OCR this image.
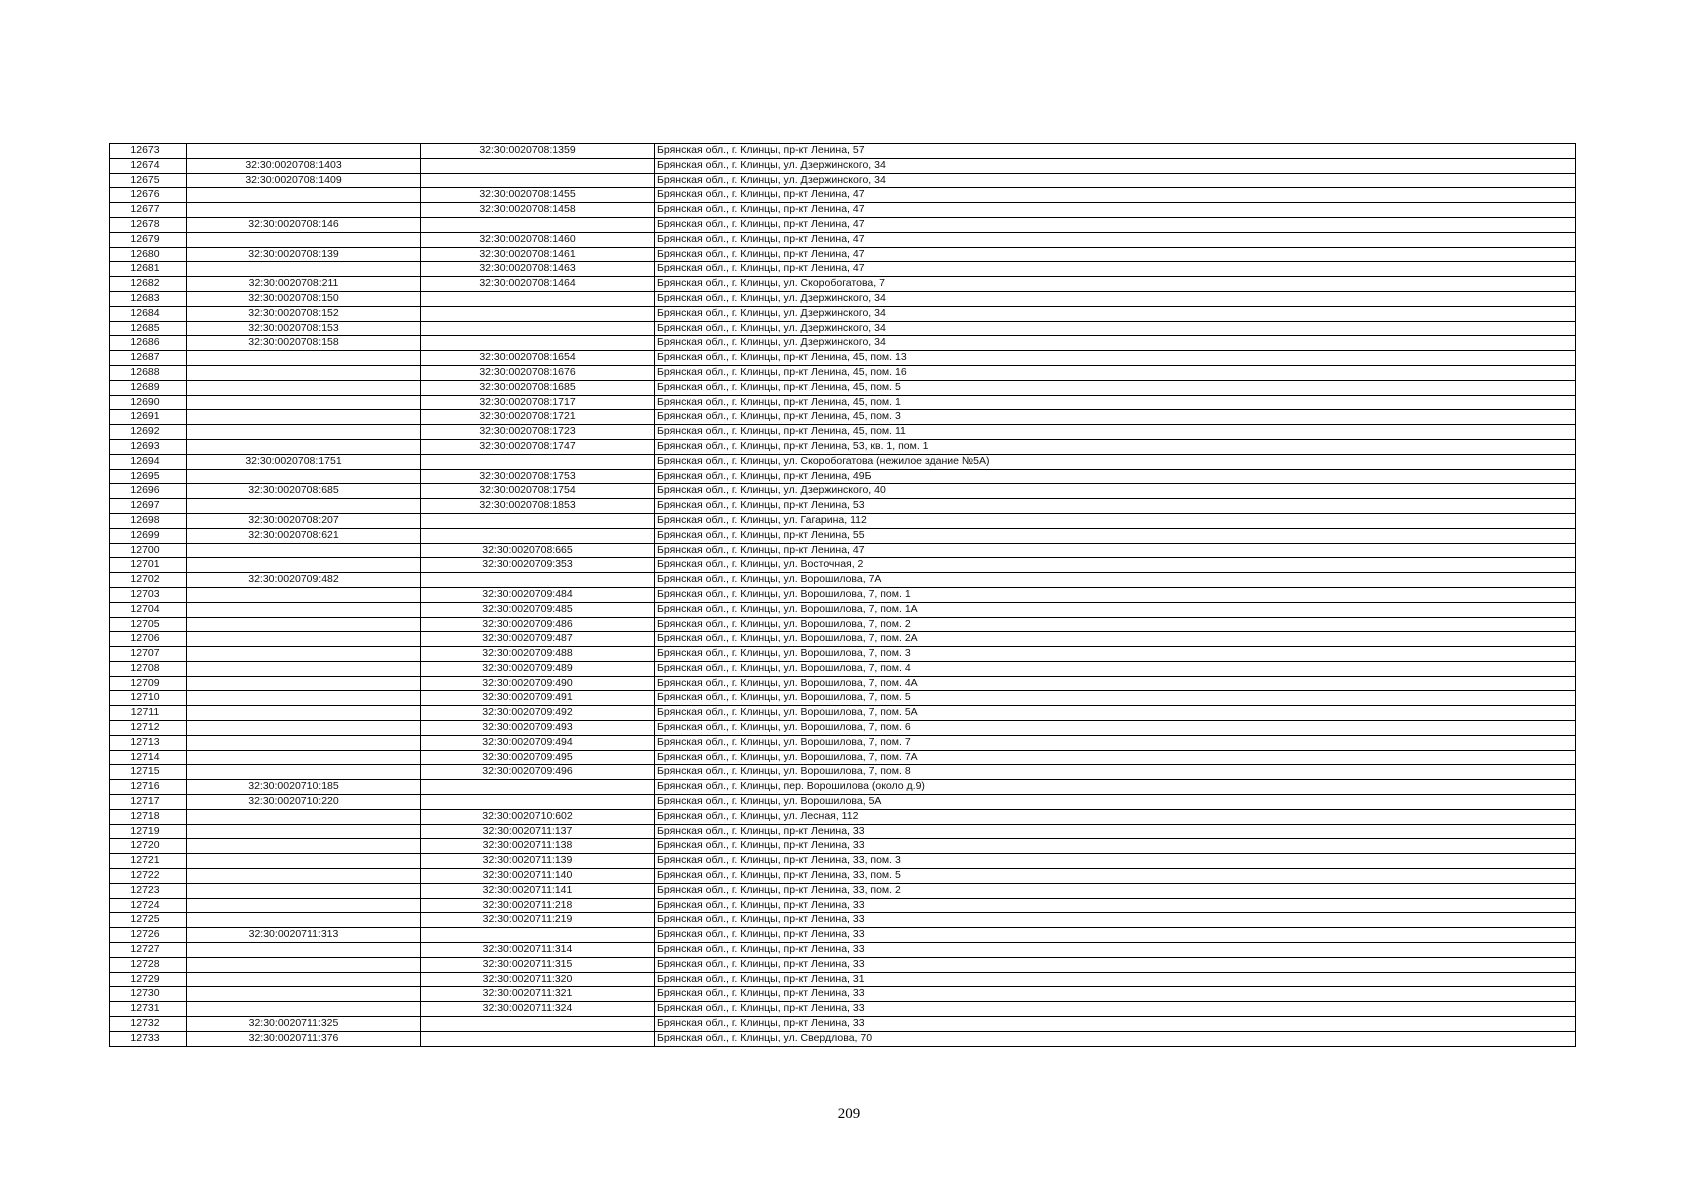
12673		32:30:0020708:1359	Брянская обл., г. Клинцы, пр-кт Ленина, 57
12674	32:30:0020708:1403		Брянская обл., г. Клинцы, ул. Дзержинского, 34
12675	32:30:0020708:1409		Брянская обл., г. Клинцы, ул. Дзержинского, 34
12676		32:30:0020708:1455	Брянская обл., г. Клинцы, пр-кт Ленина, 47
12677		32:30:0020708:1458	Брянская обл., г. Клинцы, пр-кт Ленина, 47
12678	32:30:0020708:146		Брянская обл., г. Клинцы, пр-кт Ленина, 47
12679		32:30:0020708:1460	Брянская обл., г. Клинцы, пр-кт Ленина, 47
12680	32:30:0020708:139	32:30:0020708:1461	Брянская обл., г. Клинцы, пр-кт Ленина, 47
12681		32:30:0020708:1463	Брянская обл., г. Клинцы, пр-кт Ленина, 47
12682	32:30:0020708:211	32:30:0020708:1464	Брянская обл., г. Клинцы, ул. Скоробогатова, 7
12683	32:30:0020708:150		Брянская обл., г. Клинцы, ул. Дзержинского, 34
12684	32:30:0020708:152		Брянская обл., г. Клинцы, ул. Дзержинского, 34
12685	32:30:0020708:153		Брянская обл., г. Клинцы, ул. Дзержинского, 34
12686	32:30:0020708:158		Брянская обл., г. Клинцы, ул. Дзержинского, 34
12687		32:30:0020708:1654	Брянская обл., г. Клинцы, пр-кт Ленина, 45, пом. 13
12688		32:30:0020708:1676	Брянская обл., г. Клинцы, пр-кт Ленина, 45, пом. 16
12689		32:30:0020708:1685	Брянская обл., г. Клинцы, пр-кт Ленина, 45, пом. 5
12690		32:30:0020708:1717	Брянская обл., г. Клинцы, пр-кт Ленина, 45, пом. 1
12691		32:30:0020708:1721	Брянская обл., г. Клинцы, пр-кт Ленина, 45, пом. 3
12692		32:30:0020708:1723	Брянская обл., г. Клинцы, пр-кт Ленина, 45, пом. 11
12693		32:30:0020708:1747	Брянская обл., г. Клинцы, пр-кт Ленина, 53, кв. 1, пом. 1
12694	32:30:0020708:1751		Брянская обл., г. Клинцы, ул. Скоробогатова (нежилое здание №5А)
12695		32:30:0020708:1753	Брянская обл., г. Клинцы, пр-кт Ленина, 49Б
12696	32:30:0020708:685	32:30:0020708:1754	Брянская обл., г. Клинцы, ул. Дзержинского, 40
12697		32:30:0020708:1853	Брянская обл., г. Клинцы, пр-кт Ленина, 53
12698	32:30:0020708:207		Брянская обл., г. Клинцы, ул. Гагарина, 112
12699	32:30:0020708:621		Брянская обл., г. Клинцы, пр-кт Ленина, 55
12700		32:30:0020708:665	Брянская обл., г. Клинцы, пр-кт Ленина, 47
12701		32:30:0020709:353	Брянская обл., г. Клинцы, ул. Восточная, 2
12702	32:30:0020709:482		Брянская обл., г. Клинцы, ул. Ворошилова, 7А
12703		32:30:0020709:484	Брянская обл., г. Клинцы, ул. Ворошилова, 7, пом. 1
12704		32:30:0020709:485	Брянская обл., г. Клинцы, ул. Ворошилова, 7, пом. 1А
12705		32:30:0020709:486	Брянская обл., г. Клинцы, ул. Ворошилова, 7, пом. 2
12706		32:30:0020709:487	Брянская обл., г. Клинцы, ул. Ворошилова, 7, пом. 2А
12707		32:30:0020709:488	Брянская обл., г. Клинцы, ул. Ворошилова, 7, пом. 3
12708		32:30:0020709:489	Брянская обл., г. Клинцы, ул. Ворошилова, 7, пом. 4
12709		32:30:0020709:490	Брянская обл., г. Клинцы, ул. Ворошилова, 7, пом. 4А
12710		32:30:0020709:491	Брянская обл., г. Клинцы, ул. Ворошилова, 7, пом. 5
12711		32:30:0020709:492	Брянская обл., г. Клинцы, ул. Ворошилова, 7, пом. 5А
12712		32:30:0020709:493	Брянская обл., г. Клинцы, ул. Ворошилова, 7, пом. 6
12713		32:30:0020709:494	Брянская обл., г. Клинцы, ул. Ворошилова, 7, пом. 7
12714		32:30:0020709:495	Брянская обл., г. Клинцы, ул. Ворошилова, 7, пом. 7А
12715		32:30:0020709:496	Брянская обл., г. Клинцы, ул. Ворошилова, 7, пом. 8
12716	32:30:0020710:185		Брянская обл., г. Клинцы, пер. Ворошилова (около д.9)
12717	32:30:0020710:220		Брянская обл., г. Клинцы, ул. Ворошилова, 5А
12718		32:30:0020710:602	Брянская обл., г. Клинцы, ул. Лесная, 112
12719		32:30:0020711:137	Брянская обл., г. Клинцы, пр-кт Ленина, 33
12720		32:30:0020711:138	Брянская обл., г. Клинцы, пр-кт Ленина, 33
12721		32:30:0020711:139	Брянская обл., г. Клинцы, пр-кт Ленина, 33, пом. 3
12722		32:30:0020711:140	Брянская обл., г. Клинцы, пр-кт Ленина, 33, пом. 5
12723		32:30:0020711:141	Брянская обл., г. Клинцы, пр-кт Ленина, 33, пом. 2
12724		32:30:0020711:218	Брянская обл., г. Клинцы, пр-кт Ленина, 33
12725		32:30:0020711:219	Брянская обл., г. Клинцы, пр-кт Ленина, 33
12726	32:30:0020711:313		Брянская обл., г. Клинцы, пр-кт Ленина, 33
12727		32:30:0020711:314	Брянская обл., г. Клинцы, пр-кт Ленина, 33
12728		32:30:0020711:315	Брянская обл., г. Клинцы, пр-кт Ленина, 33
12729		32:30:0020711:320	Брянская обл., г. Клинцы, пр-кт Ленина, 31
12730		32:30:0020711:321	Брянская обл., г. Клинцы, пр-кт Ленина, 33
12731		32:30:0020711:324	Брянская обл., г. Клинцы, пр-кт Ленина, 33
12732	32:30:0020711:325		Брянская обл., г. Клинцы, пр-кт Ленина, 33
12733	32:30:0020711:376		Брянская обл., г. Клинцы, ул. Свердлова, 70
209
